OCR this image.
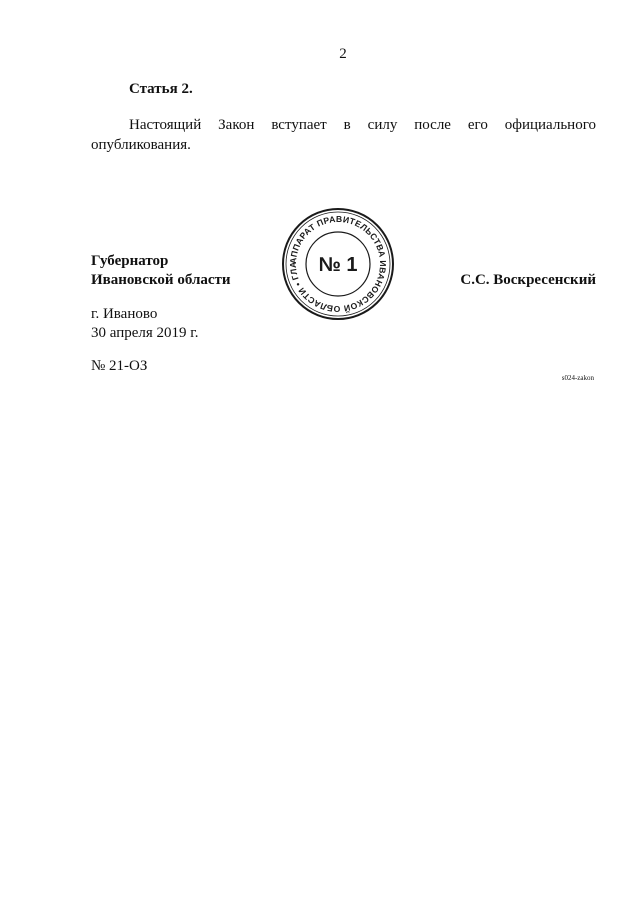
2
Статья 2.
Настоящий Закон вступает в силу после его официального
опубликования.
Губернатор
Ивановской области	С.С. Воскресенский
АППАРАТ ПРАВИТЕЛЬСТВА ИВАНОВСКОЙ ОБЛАСТИ • ГЛА	№ 1
г. Иваново
30 апреля 2019 г.
№ 21-ОЗ
s024-zakon
